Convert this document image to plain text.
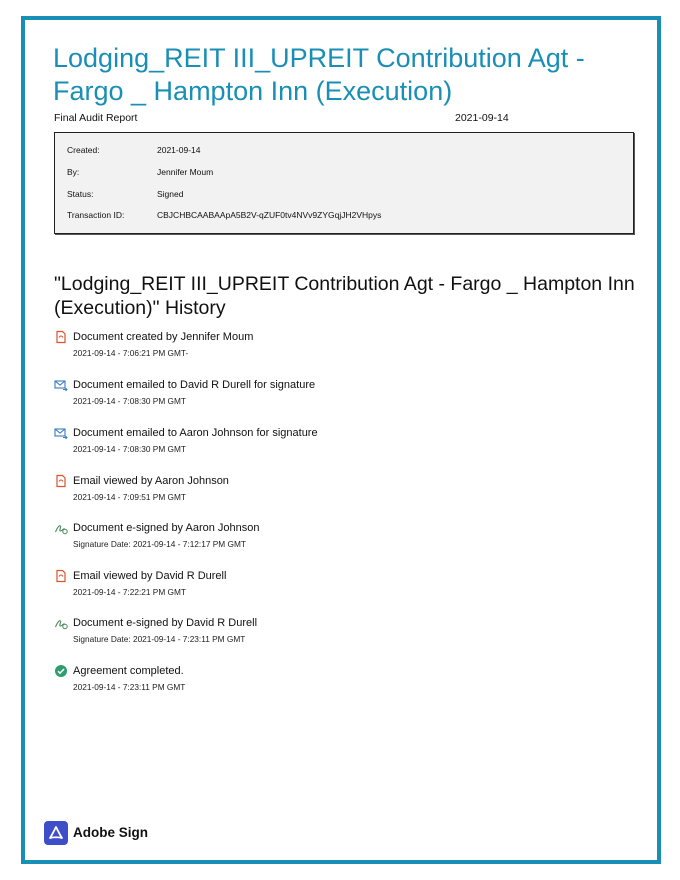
Lodging_REIT III_UPREIT Contribution Agt - Fargo _ Hampton Inn (Execution)
Final Audit Report	2021-09-14
Created:	2021-09-14
By:	Jennifer Moum
Status:	Signed
Transaction ID:	CBJCHBCAABAApA5B2V-qZUF0tv4NVv9ZYGqjJH2VHpys
"Lodging_REIT III_UPREIT Contribution Agt - Fargo _ Hampton Inn (Execution)" History
Document created by Jennifer Moum
2021-09-14 - 7:06:21 PM GMT-
Document emailed to David R Durell for signature
2021-09-14 - 7:08:30 PM GMT
Document emailed to Aaron Johnson for signature
2021-09-14 - 7:08:30 PM GMT
Email viewed by Aaron Johnson
2021-09-14 - 7:09:51 PM GMT
Document e-signed by Aaron Johnson
Signature Date: 2021-09-14 - 7:12:17 PM GMT
Email viewed by David R Durell
2021-09-14 - 7:22:21 PM GMT
Document e-signed by David R Durell
Signature Date: 2021-09-14 - 7:23:11 PM GMT
Agreement completed.
2021-09-14 - 7:23:11 PM GMT
Adobe Sign
